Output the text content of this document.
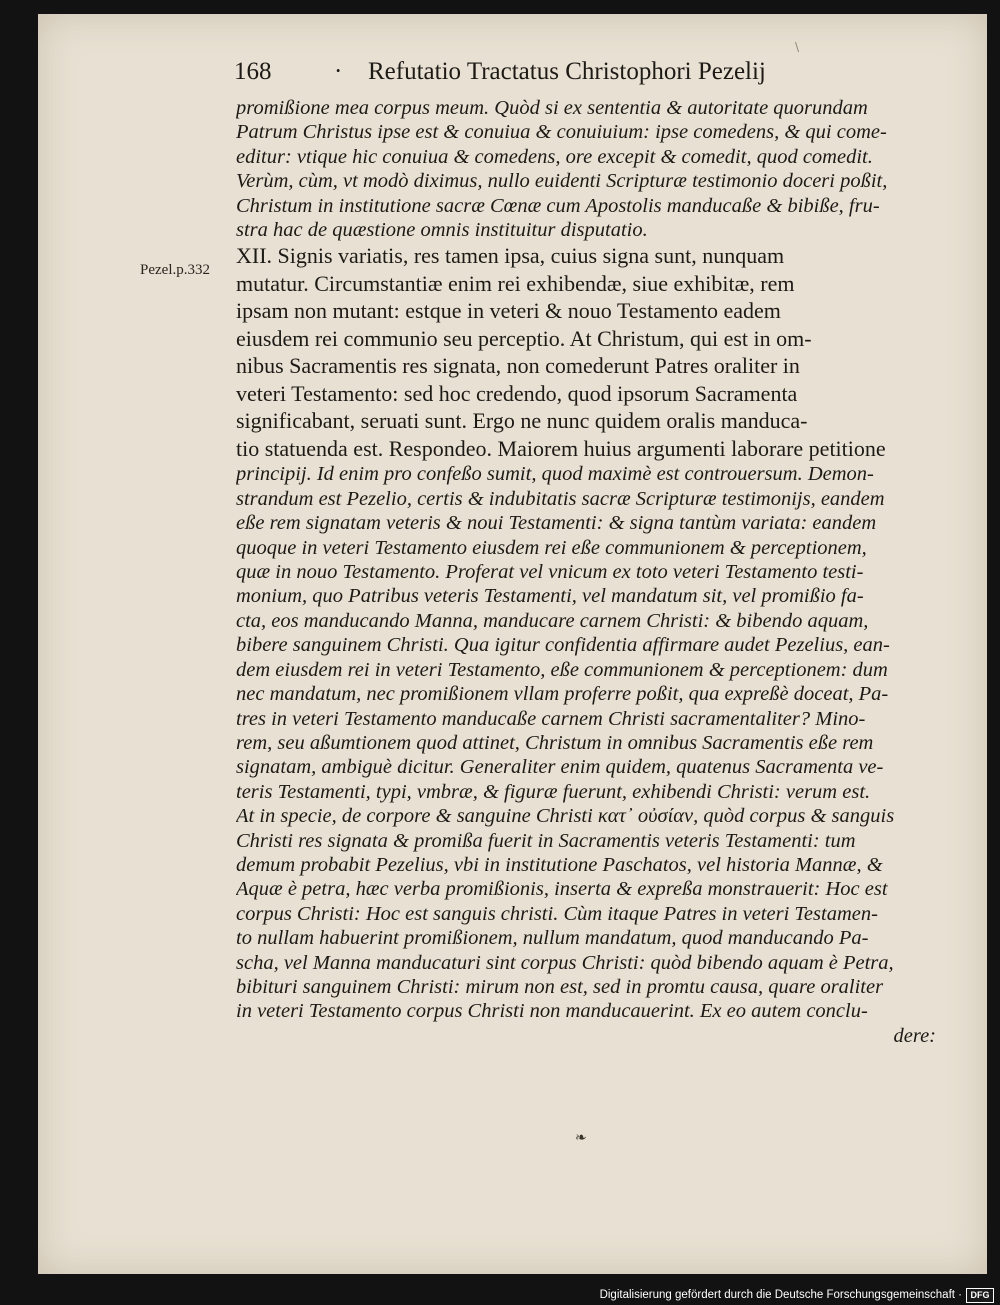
168	· Refutatio Tractatus Christophori Pezelij
\
Pezel.p.332
promißione mea corpus meum. Quòd si ex sententia & autoritate quorundam
Patrum Christus ipse est & conuiua & conuiuium: ipse comedens, & qui come-
editur: vtique hic conuiua & comedens, ore excepit & comedit, quod comedit.
Verùm, cùm, vt modò diximus, nullo euidenti Scripturæ testimonio doceri poßit,
Christum in institutione sacræ Cœnæ cum Apostolis manducaße & bibiße, fru-
stra hac de quæstione omnis instituitur disputatio.
XII. Signis variatis, res tamen ipsa, cuius signa sunt, nunquam
mutatur. Circumstantiæ enim rei exhibendæ, siue exhibitæ, rem
ipsam non mutant: estque in veteri & nouo Testamento eadem
eiusdem rei communio seu perceptio. At Christum, qui est in om-
nibus Sacramentis res signata, non comederunt Patres oraliter in
veteri Testamento: sed hoc credendo, quod ipsorum Sacramenta
significabant, seruati sunt. Ergo ne nunc quidem oralis manduca-
tio statuenda est. Respondeo. Maiorem huius argumenti laborare petitione
principij. Id enim pro confeßo sumit, quod maximè est controuersum. Demon-
strandum est Pezelio, certis & indubitatis sacræ Scripturæ testimonijs, eandem
eße rem signatam veteris & noui Testamenti: & signa tantùm variata: eandem
quoque in veteri Testamento eiusdem rei eße communionem & perceptionem,
quæ in nouo Testamento. Proferat vel vnicum ex toto veteri Testamento testi-
monium, quo Patribus veteris Testamenti, vel mandatum sit, vel promißio fa-
cta, eos manducando Manna, manducare carnem Christi: & bibendo aquam,
bibere sanguinem Christi. Qua igitur confidentia affirmare audet Pezelius, ean-
dem eiusdem rei in veteri Testamento, eße communionem & perceptionem: dum
nec mandatum, nec promißionem vllam proferre poßit, qua expreßè doceat, Pa-
tres in veteri Testamento manducaße carnem Christi sacramentaliter? Mino-
rem, seu aßumtionem quod attinet, Christum in omnibus Sacramentis eße rem
signatam, ambiguè dicitur. Generaliter enim quidem, quatenus Sacramenta ve-
teris Testamenti, typi, vmbræ, & figuræ fuerunt, exhibendi Christi: verum est.
At in specie, de corpore & sanguine Christi κατ᾽ οὐσίαν, quòd corpus & sanguis
Christi res signata & promißa fuerit in Sacramentis veteris Testamenti: tum
demum probabit Pezelius, vbi in institutione Paschatos, vel historia Mannæ, &
Aquæ è petra, hæc verba promißionis, inserta & expreßa monstrauerit: Hoc est
corpus Christi: Hoc est sanguis christi. Cùm itaque Patres in veteri Testamen-
to nullam habuerint promißionem, nullum mandatum, quod manducando Pa-
scha, vel Manna manducaturi sint corpus Christi: quòd bibendo aquam è Petra,
bibituri sanguinem Christi: mirum non est, sed in promtu causa, quare oraliter
in veteri Testamento corpus Christi non manducauerint. Ex eo autem conclu-
dere:
❧
Digitalisierung gefördert durch die Deutsche Forschungsgemeinschaft · DFG
